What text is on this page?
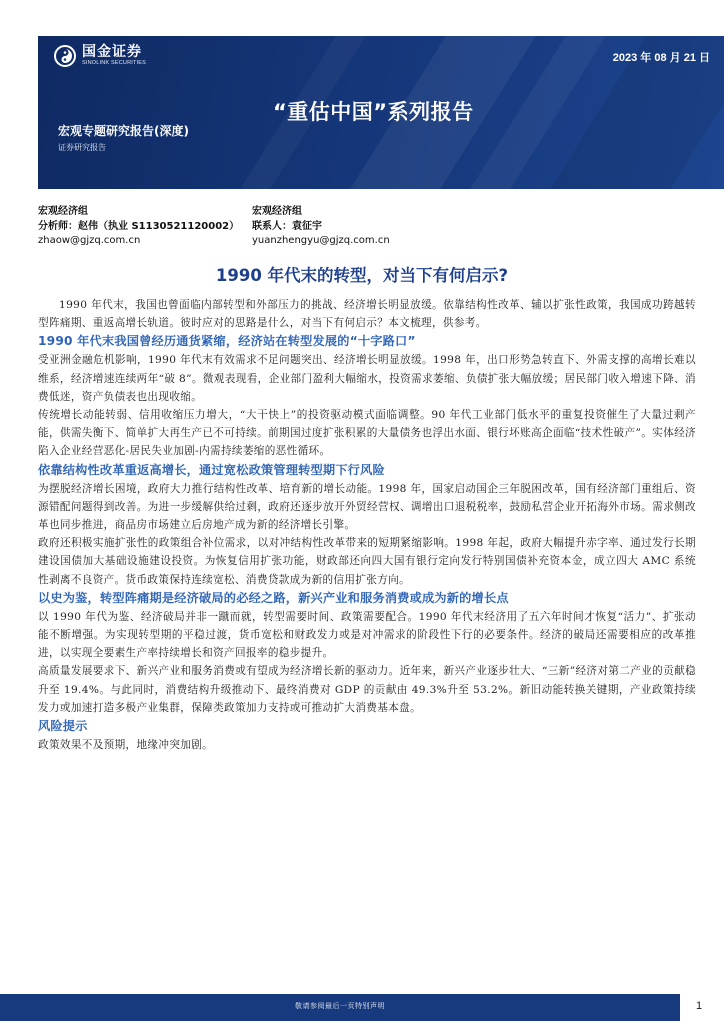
国金证券
SINOLINK SECURITIES	2023 年 08 月 21 日
“重估中国”系列报告
宏观专题研究报告(深度)
证券研究报告
宏观经济组
分析师：赵伟（执业 S1130521120002）
zhaow@gjzq.com.cn
宏观经济组
联系人：袁征宇
yuanzhengyu@gjzq.com.cn
1990 年代末的转型，对当下有何启示?

1990 年代末，我国也曾面临内部转型和外部压力的挑战、经济增长明显放缓。依靠结构性改革、辅以扩张性政策，我国成功跨越转型阵痛期、重返高增长轨道。彼时应对的思路是什么，对当下有何启示？本文梳理，供参考。

1990 年代末我国曾经历通货紧缩，经济站在转型发展的“十字路口”

受亚洲金融危机影响，1990 年代末有效需求不足问题突出、经济增长明显放缓。1998 年，出口形势急转直下、外需支撑的高增长难以维系，经济增速连续两年“破 8”。微观表现看，企业部门盈利大幅缩水，投资需求萎缩、负债扩张大幅放缓；居民部门收入增速下降、消费低迷，资产负债表也出现收缩。

传统增长动能转弱、信用收缩压力增大，“大干快上”的投资驱动模式面临调整。90 年代工业部门低水平的重复投资催生了大量过剩产能，供需失衡下、简单扩大再生产已不可持续。前期国过度扩张积累的大量债务也浮出水面、银行坏账高企面临“技术性破产”。实体经济陷入企业经营恶化-居民失业加剧-内需持续萎缩的恶性循环。

依靠结构性改革重返高增长，通过宽松政策管理转型期下行风险

为摆脱经济增长困境，政府大力推行结构性改革、培育新的增长动能。1998 年，国家启动国企三年脱困改革，国有经济部门重组后、资源错配问题得到改善。为进一步缓解供给过剩，政府还逐步放开外贸经营权、调增出口退税税率，鼓励私营企业开拓海外市场。需求侧改革也同步推进，商品房市场建立后房地产成为新的经济增长引擎。

政府还积极实施扩张性的政策组合补位需求，以对冲结构性改革带来的短期紧缩影响。1998 年起，政府大幅提升赤字率、通过发行长期建设国债加大基础设施建设投资。为恢复信用扩张功能，财政部还向四大国有银行定向发行特别国债补充资本金，成立四大 AMC 系统性剥离不良资产。货币政策保持连续宽松、消费贷款成为新的信用扩张方向。

以史为鉴，转型阵痛期是经济破局的必经之路，新兴产业和服务消费或成为新的增长点

以 1990 年代为鉴、经济破局并非一蹴而就，转型需要时间、政策需要配合。1990 年代末经济用了五六年时间才恢复“活力”、扩张动能不断增强。为实现转型期的平稳过渡，货币宽松和财政发力或是对冲需求的阶段性下行的必要条件。经济的破局还需要相应的改革推进，以实现全要素生产率持续增长和资产回报率的稳步提升。

高质量发展要求下、新兴产业和服务消费或有望成为经济增长新的驱动力。近年来，新兴产业逐步壮大、“三新”经济对第二产业的贡献稳升至 19.4%。与此同时，消费结构升级推动下、最终消费对 GDP 的贡献由 49.3%升至 53.2%。新旧动能转换关键期，产业政策持续发力或加速打造多极产业集群，保障类政策加力支持或可推动扩大消费基本盘。

风险提示

政策效果不及预期，地缘冲突加剧。

敬请参阅最后一页特别声明	1
